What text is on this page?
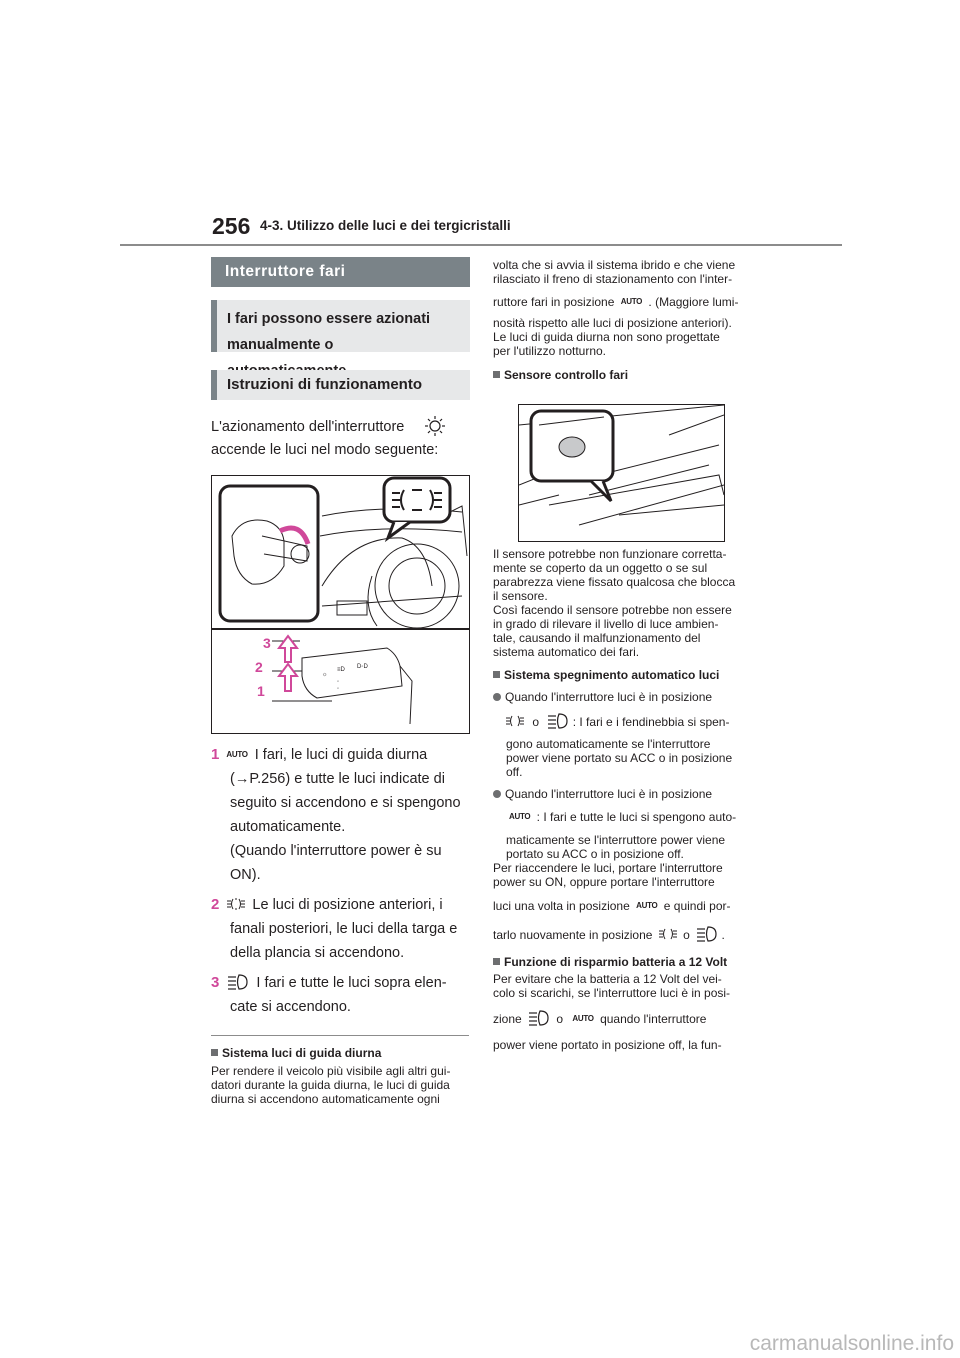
256 4-3. Utilizzo delle luci e dei tergicristalli
Interruttore fari
I fari possono essere azionati
manualmente o
Istruzioni di funzionamento
L'azionamento dell'interruttore
accende le luci nel modo seguente:
☼
≡D D◦D
◦
◦
3
2
1
1 AUTO I fari, le luci di guida diurna
(→P.256) e tutte le luci indicate di
seguito si accendono e si spengono
automaticamente.
(Quando l'interruttore power è su
ON).
2 Le luci di posizione anteriori, i
fanali posteriori, le luci della targa e
della plancia si accendono.
3	I fari e tutte le luci sopra elen-
cate si accendono.
Sistema luci di guida diurna
Per rendere il veicolo più visibile agli altri gui-
datori durante la guida diurna, le luci di guida
diurna si accendono automaticamente ogni
volta che si avvia il sistema ibrido e che viene
rilasciato il freno di stazionamento con l'inter-
ruttore fari in posizione AUTO . (Maggiore lumi-
nosità rispetto alle luci di posizione anteriori).
Le luci di guida diurna non sono progettate
per l'utilizzo notturno.
Sensore controllo fari
Il sensore potrebbe non funzionare corretta-
mente se coperto da un oggetto o se sul
parabrezza viene fissato qualcosa che blocca
il sensore.
Così facendo il sensore potrebbe non essere
in grado di rilevare il livello di luce ambien-
tale, causando il malfunzionamento del
sistema automatico dei fari.
Sistema spegnimento automatico luci
Quando l'interruttore luci è in posizione
o	: I fari e i fendinebbia si spen-
gono automaticamente se l'interruttore
power viene portato su ACC o in posizione
off.
Quando l'interruttore luci è in posizione
AUTO : I fari e tutte le luci si spengono auto-
maticamente se l'interruttore power viene
portato su ACC o in posizione off.
Per riaccendere le luci, portare l'interruttore
power su ON, oppure portare l'interruttore
luci una volta in posizione AUTO e quindi por-
tarlo nuovamente in posizione	o	.
Funzione di risparmio batteria a 12 Volt
Per evitare che la batteria a 12 Volt del vei-
colo si scarichi, se l'interruttore luci è in posi-
zione	o AUTO quando l'interruttore
power viene portato in posizione off, la fun-
carmanualsonline.info
